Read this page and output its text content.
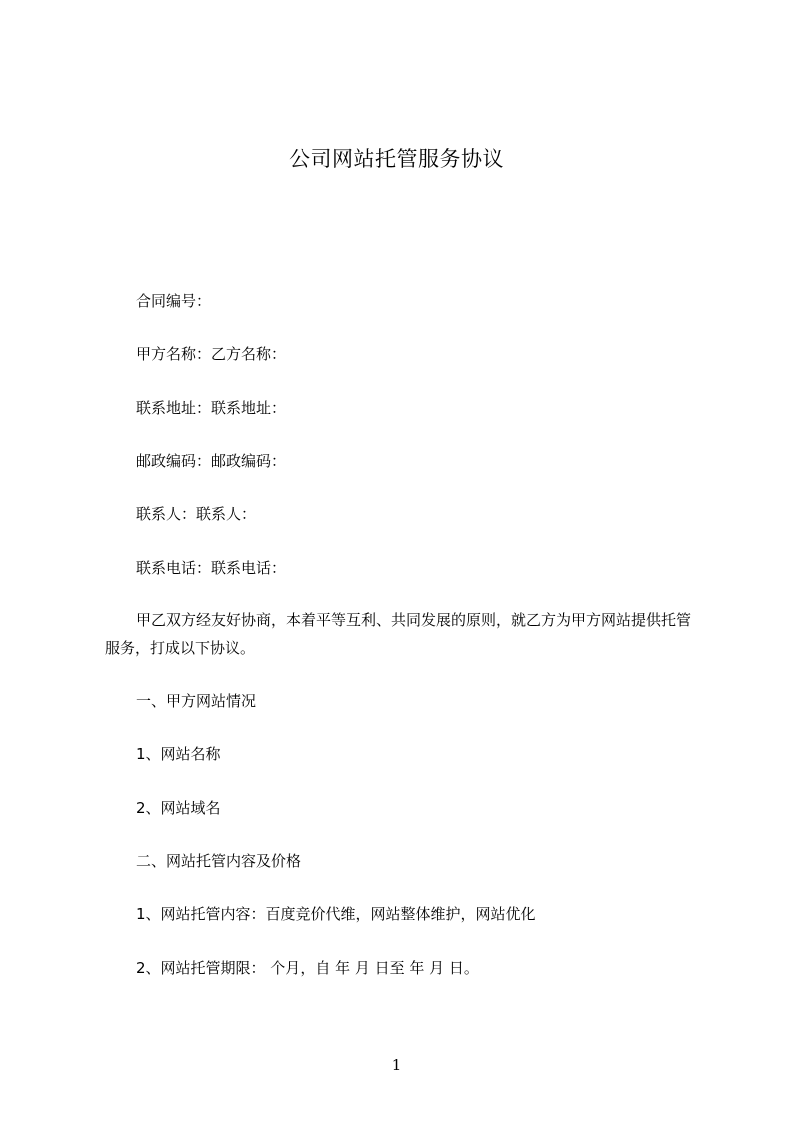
公司网站托管服务协议
合同编号：
甲方名称：乙方名称：
联系地址：联系地址：
邮政编码：邮政编码：
联系人：联系人：
联系电话：联系电话：
甲乙双方经友好协商，本着平等互利、共同发展的原则，就乙方为甲方网站提供托管服务，打成以下协议。
一、甲方网站情况
1、网站名称
2、网站域名
二、网站托管内容及价格
1、网站托管内容：百度竞价代维，网站整体维护，网站优化
2、网站托管期限： 个月，自 年 月 日至 年 月 日。
1
